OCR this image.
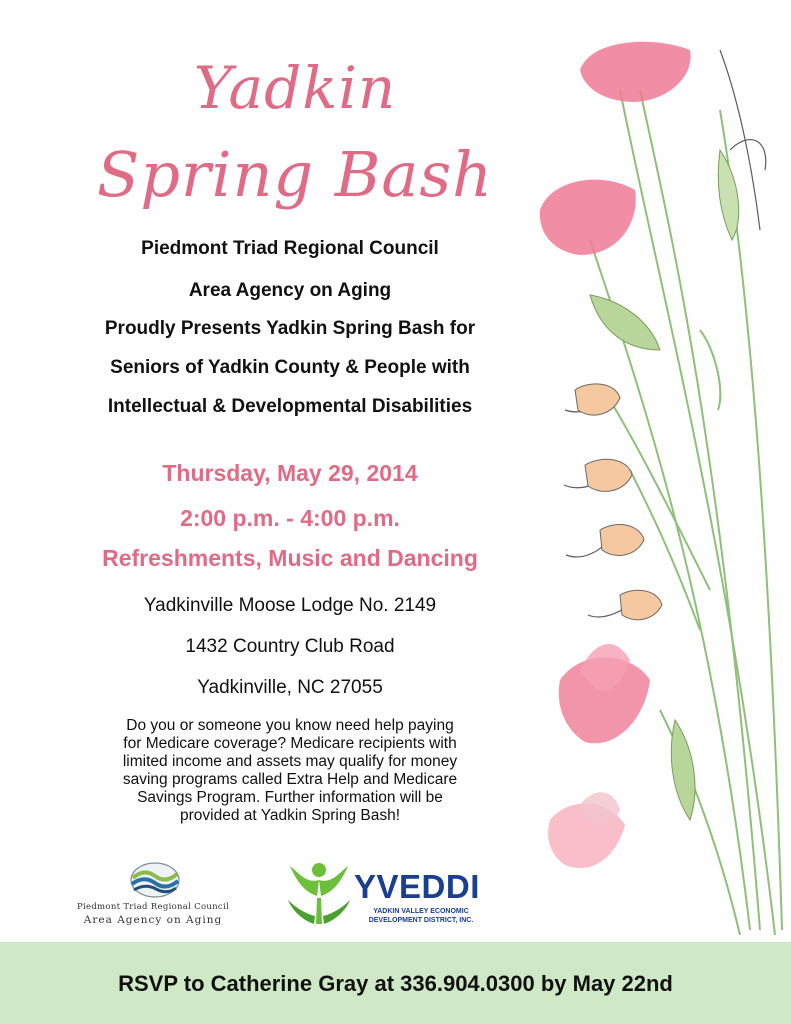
Yadkin
Spring Bash
Piedmont Triad Regional Council
Area Agency on Aging
Proudly Presents Yadkin Spring Bash for
Seniors of Yadkin County & People with
Intellectual & Developmental Disabilities
Thursday, May 29, 2014
2:00 p.m. - 4:00 p.m.
Refreshments, Music and Dancing
Yadkinville Moose Lodge No. 2149
1432 Country Club Road
Yadkinville, NC 27055
Do you or someone you know need help paying
for Medicare coverage? Medicare recipients with
limited income and assets may qualify for money
saving programs called Extra Help and Medicare
Savings Program. Further information will be
provided at Yadkin Spring Bash!
Piedmont Triad Regional Council
Area Agency on Aging
YVEDDI
YADKIN VALLEY ECONOMIC
DEVELOPMENT DISTRICT, INC.
RSVP to Catherine Gray at 336.904.0300 by May 22nd
